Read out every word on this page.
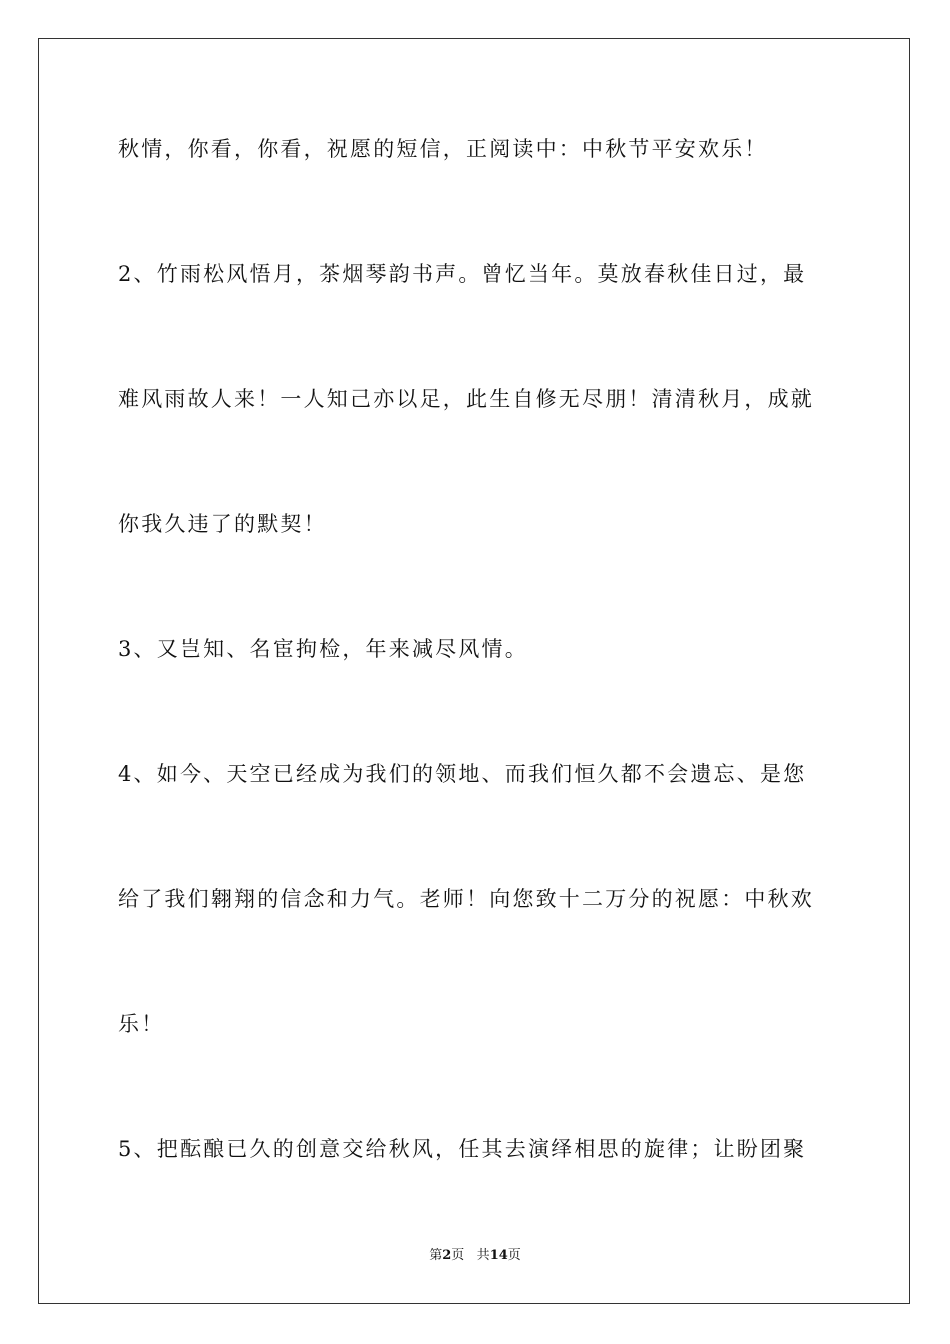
秋情，你看，你看，祝愿的短信，正阅读中：中秋节平安欢乐！
2、竹雨松风悟月，茶烟琴韵书声。曾忆当年。莫放春秋佳日过，最
难风雨故人来！一人知己亦以足，此生自修无尽朋！清清秋月，成就
你我久违了的默契！
3、又岂知、名宦拘检，年来减尽风情。
4、如今、天空已经成为我们的领地、而我们恒久都不会遗忘、是您
给了我们翱翔的信念和力气。老师！向您致十二万分的祝愿：中秋欢
乐！
5、把酝酿已久的创意交给秋风，任其去演绎相思的旋律；让盼团聚
第2页 共14页
